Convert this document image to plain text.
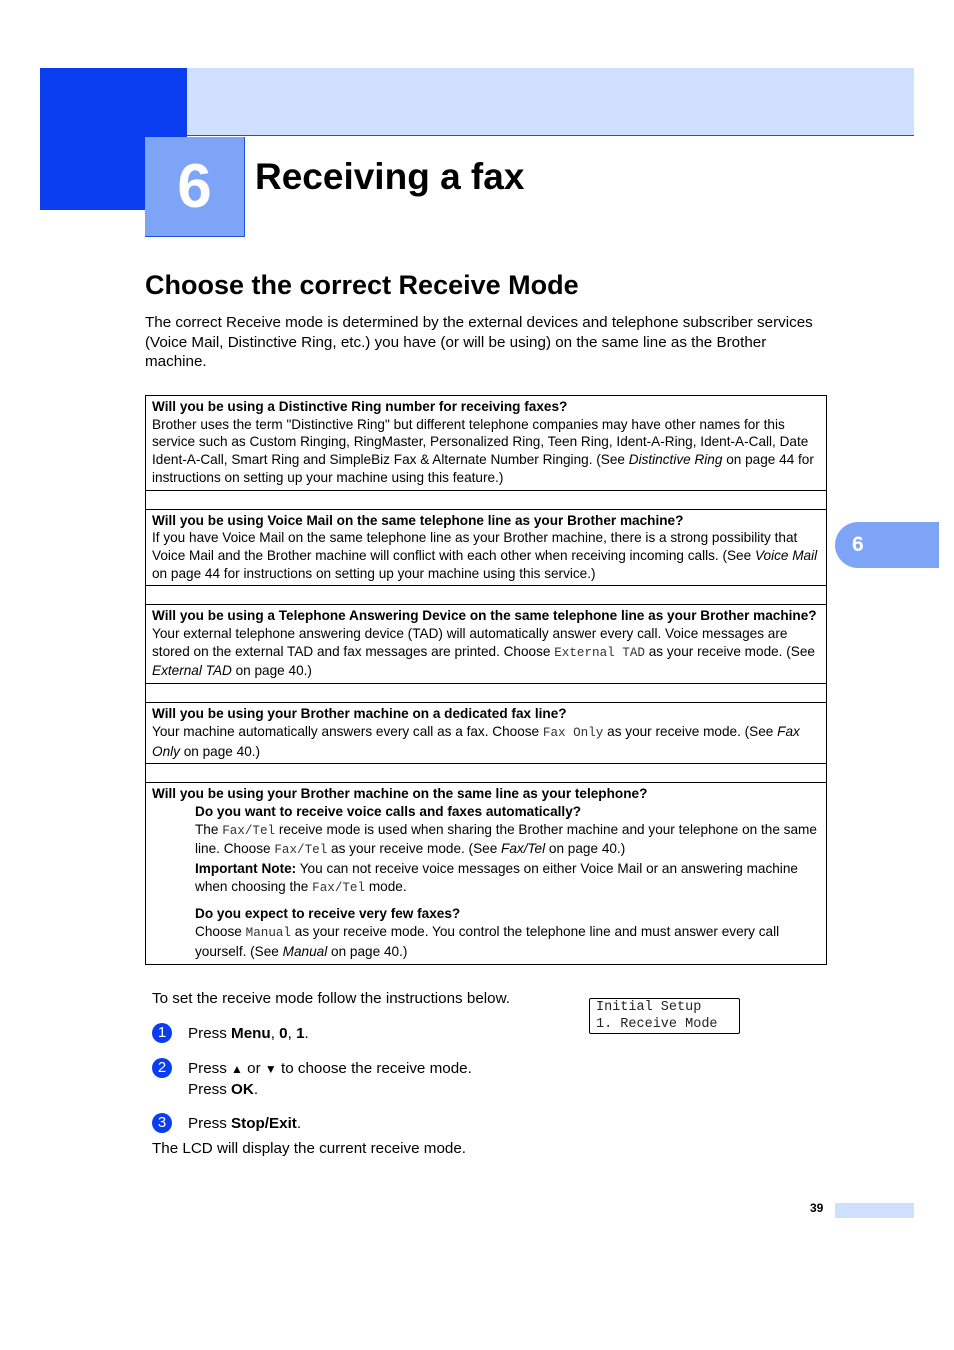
6	Receiving a fax
6
Choose the correct Receive Mode
The correct Receive mode is determined by the external devices and telephone subscriber services (Voice Mail, Distinctive Ring, etc.) you have (or will be using) on the same line as the Brother machine.
Will you be using a Distinctive Ring number for receiving faxes?
Brother uses the term "Distinctive Ring" but different telephone companies may have other names for this service such as Custom Ringing, RingMaster, Personalized Ring, Teen Ring, Ident-A-Ring, Ident-A-Call, Date Ident-A-Call, Smart Ring and SimpleBiz Fax & Alternate Number Ringing. (See Distinctive Ring on page 44 for instructions on setting up your machine using this feature.)
Will you be using Voice Mail on the same telephone line as your Brother machine?
If you have Voice Mail on the same telephone line as your Brother machine, there is a strong possibility that Voice Mail and the Brother machine will conflict with each other when receiving incoming calls. (See Voice Mail on page 44 for instructions on setting up your machine using this service.)
Will you be using a Telephone Answering Device on the same telephone line as your Brother machine?
Your external telephone answering device (TAD) will automatically answer every call. Voice messages are stored on the external TAD and fax messages are printed. Choose External TAD as your receive mode. (See External TAD on page 40.)
Will you be using your Brother machine on a dedicated fax line?
Your machine automatically answers every call as a fax. Choose Fax Only as your receive mode. (See Fax Only on page 40.)
Will you be using your Brother machine on the same line as your telephone?
Do you want to receive voice calls and faxes automatically?
The Fax/Tel receive mode is used when sharing the Brother machine and your telephone on the same line. Choose Fax/Tel as your receive mode. (See Fax/Tel on page 40.)
Important Note: You can not receive voice messages on either Voice Mail or an answering machine when choosing the Fax/Tel mode.
Do you expect to receive very few faxes?
Choose Manual as your receive mode. You control the telephone line and must answer every call yourself. (See Manual on page 40.)
To set the receive mode follow the instructions below.
1	Press Menu, 0, 1.
2	Press ▲ or ▼ to choose the receive mode.
Press OK.
3	Press Stop/Exit.
The LCD will display the current receive mode.
Initial Setup
1. Receive Mode
39
